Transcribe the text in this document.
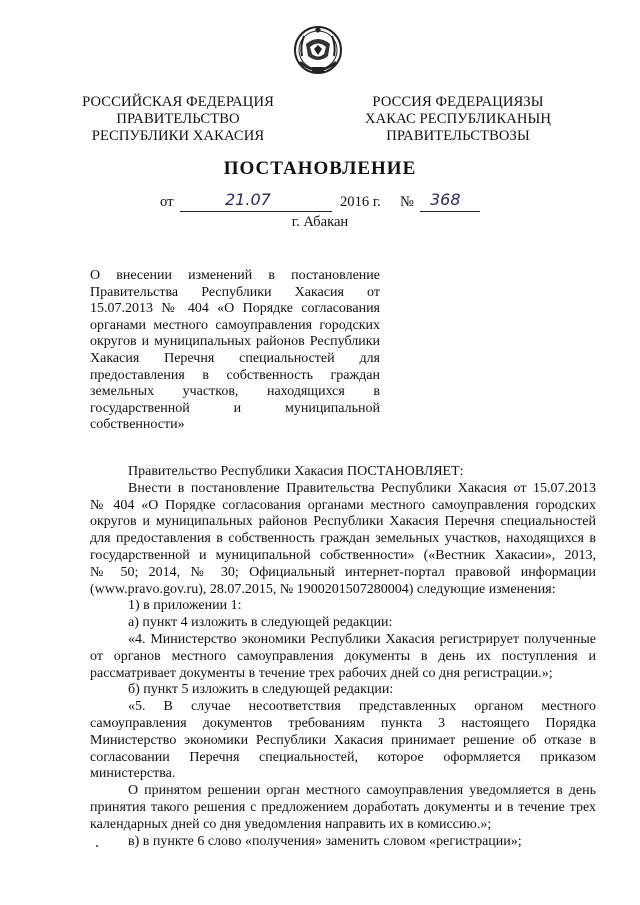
РОССИЙСКАЯ ФЕДЕРАЦИЯ
ПРАВИТЕЛЬСТВО
РЕСПУБЛИКИ ХАКАСИЯ
РОССИЯ ФЕДЕРАЦИЯЗЫ
ХАКАС РЕСПУБЛИКАНЫҢ
ПРАВИТЕЛЬСТВОЗЫ
ПОСТАНОВЛЕНИЕ
от	21.07	2016 г. № 368
г. Абакан
О внесении изменений в постановление
Правительства Республики Хакасия от
15.07.2013 № 404 «О Порядке согласования
органами местного самоуправления городских
округов и муниципальных районов Республики
Хакасия Перечня специальностей для
предоставления в собственность граждан
земельных участков, находящихся в
государственной и муниципальной
собственности»
Правительство Республики Хакасия ПОСТАНОВЛЯЕТ:
Внести в постановление Правительства Республики Хакасия от 15.07.2013
№ 404 «О Порядке согласования органами местного самоуправления городских
округов и муниципальных районов Республики Хакасия Перечня специальностей
для предоставления в собственность граждан земельных участков, находящихся в
государственной и муниципальной собственности» («Вестник Хакасии», 2013,
№ 50; 2014, № 30; Официальный интернет-портал правовой информации
(www.pravo.gov.ru), 28.07.2015, № 1900201507280004) следующие изменения:
1) в приложении 1:
а) пункт 4 изложить в следующей редакции:
«4. Министерство экономики Республики Хакасия регистрирует полученные
от органов местного самоуправления документы в день их поступления и
рассматривает документы в течение трех рабочих дней со дня регистрации.»;
б) пункт 5 изложить в следующей редакции:
«5. В случае несоответствия представленных органом местного
самоуправления документов требованиям пункта 3 настоящего Порядка
Министерство экономики Республики Хакасия принимает решение об отказе в
согласовании Перечня специальностей, которое оформляется приказом
министерства.
О принятом решении орган местного самоуправления уведомляется в день
принятия такого решения с предложением доработать документы и в течение трех
календарных дней со дня уведомления направить их в комиссию.»;
в) в пункте 6 слово «получения» заменить словом «регистрации»;
